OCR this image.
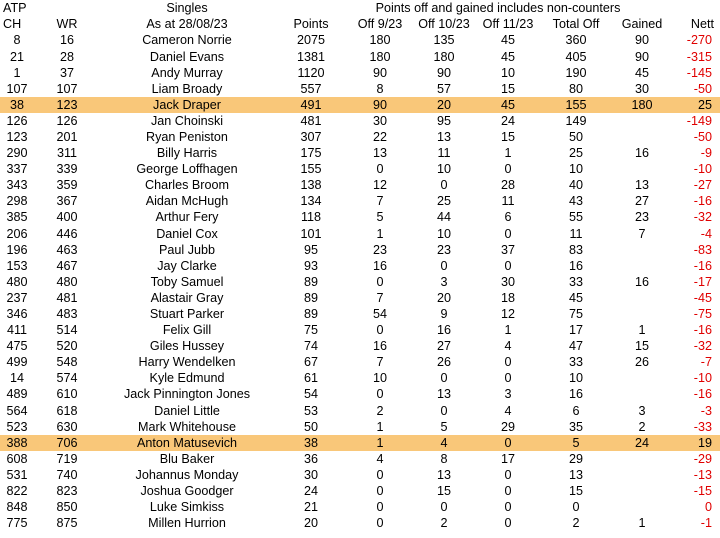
ATP		Singles		Points off and gained includes non-counters					
CH	WR	As at 28/08/23	Points	Off 9/23	Off 10/23	Off 11/23	Total Off	Gained	Nett
8	16	Cameron Norrie	2075	180	135	45	360	90	-270
21	28	Daniel Evans	1381	180	180	45	405	90	-315
1	37	Andy Murray	1120	90	90	10	190	45	-145
107	107	Liam Broady	557	8	57	15	80	30	-50
38	123	Jack Draper	491	90	20	45	155	180	25
126	126	Jan Choinski	481	30	95	24	149		-149
123	201	Ryan Peniston	307	22	13	15	50		-50
290	311	Billy Harris	175	13	11	1	25	16	-9
337	339	George Loffhagen	155	0	10	0	10		-10
343	359	Charles Broom	138	12	0	28	40	13	-27
298	367	Aidan McHugh	134	7	25	11	43	27	-16
385	400	Arthur Fery	118	5	44	6	55	23	-32
206	446	Daniel Cox	101	1	10	0	11	7	-4
196	463	Paul Jubb	95	23	23	37	83		-83
153	467	Jay Clarke	93	16	0	0	16		-16
480	480	Toby Samuel	89	0	3	30	33	16	-17
237	481	Alastair Gray	89	7	20	18	45		-45
346	483	Stuart Parker	89	54	9	12	75		-75
411	514	Felix Gill	75	0	16	1	17	1	-16
475	520	Giles Hussey	74	16	27	4	47	15	-32
499	548	Harry Wendelken	67	7	26	0	33	26	-7
14	574	Kyle Edmund	61	10	0	0	10		-10
489	610	Jack Pinnington Jones	54	0	13	3	16		-16
564	618	Daniel Little	53	2	0	4	6	3	-3
523	630	Mark Whitehouse	50	1	5	29	35	2	-33
388	706	Anton Matusevich	38	1	4	0	5	24	19
608	719	Blu Baker	36	4	8	17	29		-29
531	740	Johannus Monday	30	0	13	0	13		-13
822	823	Joshua Goodger	24	0	15	0	15		-15
848	850	Luke Simkiss	21	0	0	0	0		0
775	875	Millen Hurrion	20	0	2	0	2	1	-1
